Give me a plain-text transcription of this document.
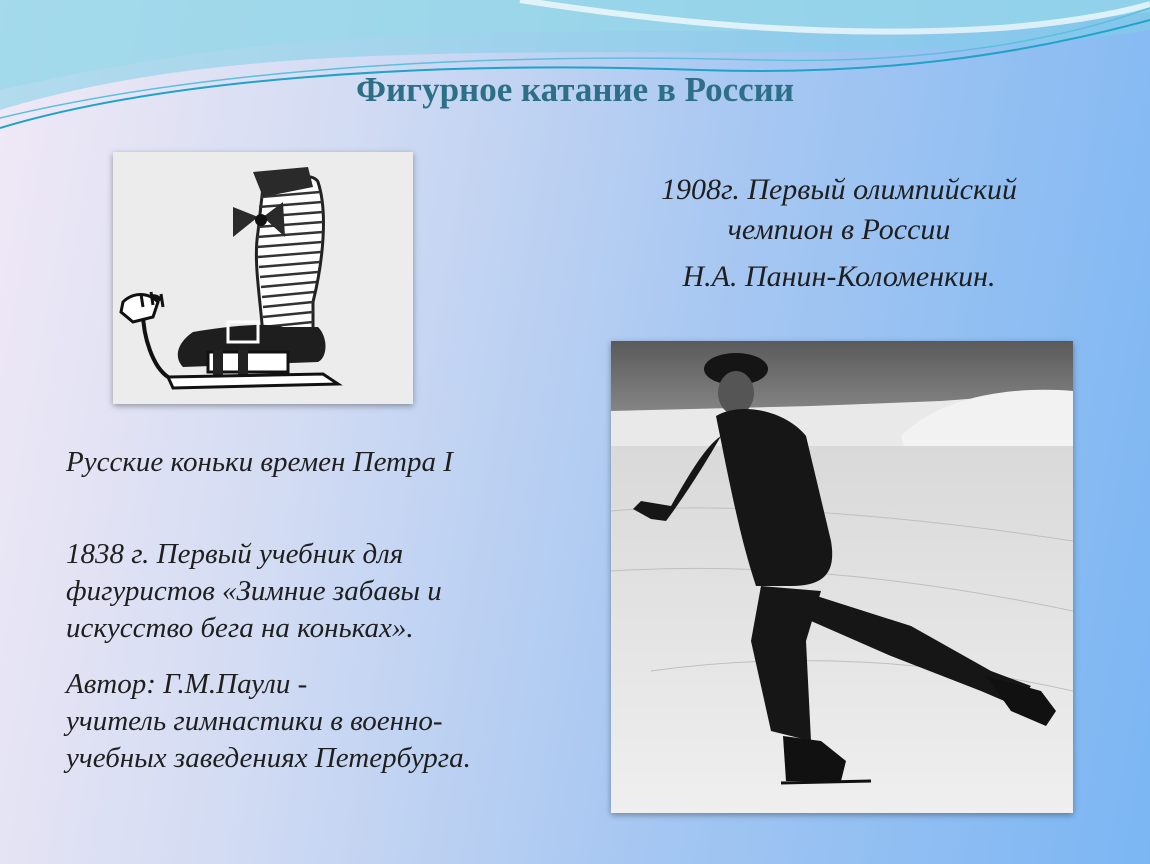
Фигурное катание в России
Русские коньки времен Петра I
1838 г. Первый учебник для
фигуристов «Зимние забавы и
искусство бега на коньках».
Автор: Г.М.Паули -
учитель гимнастики в военно-
учебных заведениях Петербурга.
1908г. Первый олимпийский
чемпион в России
Н.А. Панин-Коломенкин.
